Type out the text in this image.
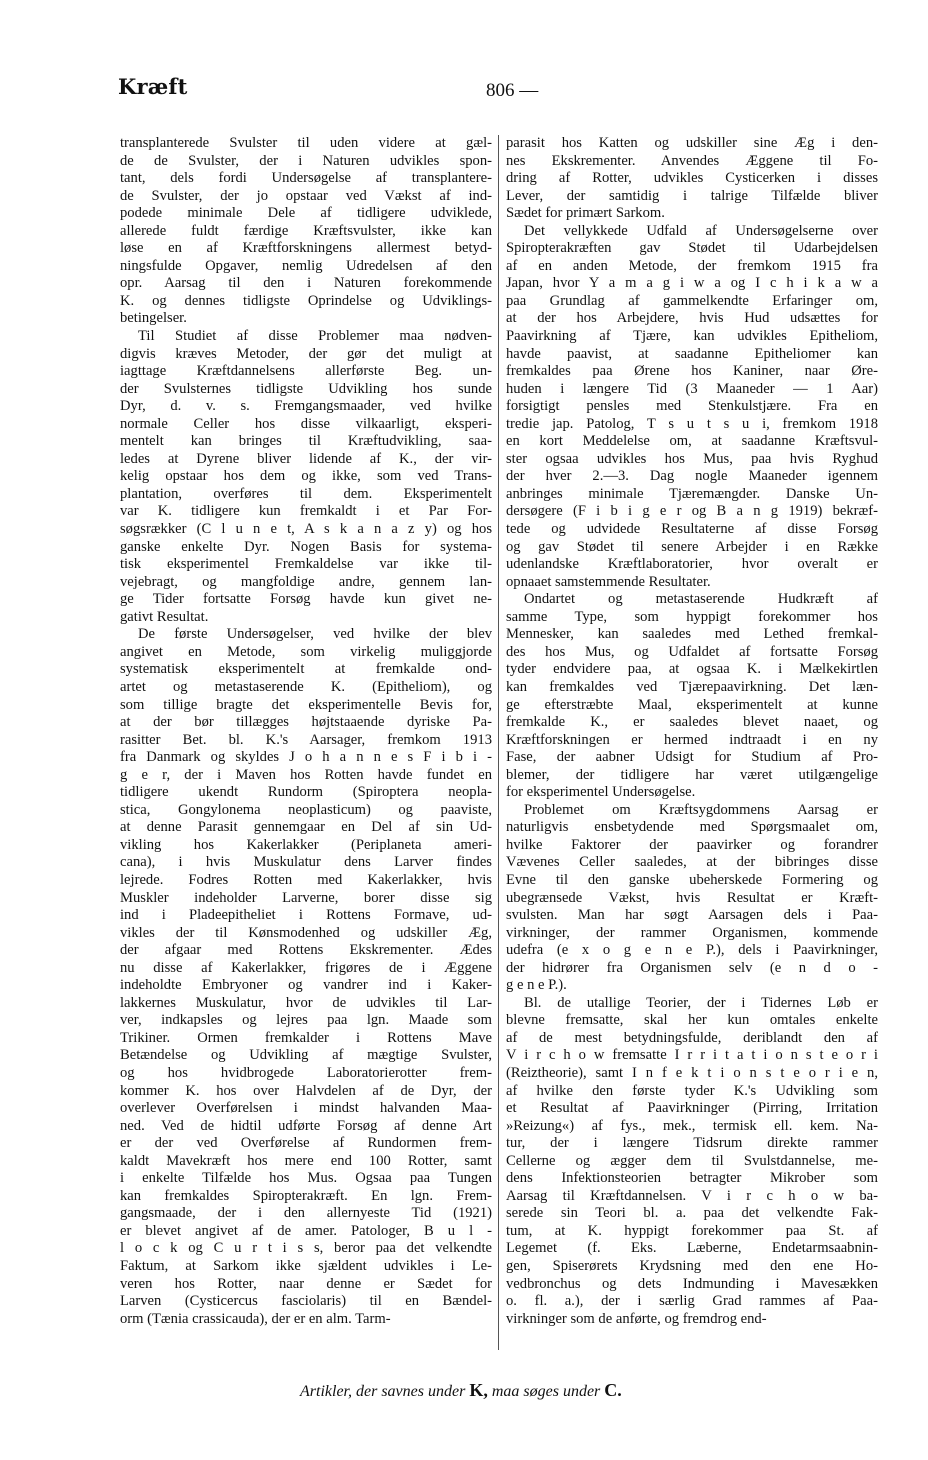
Kræft	806 —
transplanterede Svulster til uden videre at gæl-
de de Svulster, der i Naturen udvikles spon-
tant, dels fordi Undersøgelse af transplantere-
de Svulster, der jo opstaar ved Vækst af ind-
podede minimale Dele af tidligere udviklede,
allerede fuldt færdige Kræftsvulster, ikke kan
løse en af Kræftforskningens allermest betyd-
ningsfulde Opgaver, nemlig Udredelsen af den
opr. Aarsag til den i Naturen forekommende
K. og dennes tidligste Oprindelse og Udviklings-
betingelser.
Til Studiet af disse Problemer maa nødven-
digvis kræves Metoder, der gør det muligt at
iagttage Kræftdannelsens allerførste Beg. un-
der Svulsternes tidligste Udvikling hos sunde
Dyr, d. v. s. Fremgangsmaader, ved hvilke
normale Celler hos disse vilkaarligt, eksperi-
mentelt kan bringes til Kræftudvikling, saa-
ledes at Dyrene bliver lidende af K., der vir-
kelig opstaar hos dem og ikke, som ved Trans-
plantation, overføres til dem. Eksperimentelt
var K. tidligere kun fremkaldt i et Par For-
søgsrækker (C l u n e t, A s k a n a z y) og hos
ganske enkelte Dyr. Nogen Basis for systema-
tisk eksperimentel Fremkaldelse var ikke til-
vejebragt, og mangfoldige andre, gennem lan-
ge Tider fortsatte Forsøg havde kun givet ne-
gativt Resultat.
De første Undersøgelser, ved hvilke der blev
angivet en Metode, som virkelig muliggjorde
systematisk eksperimentelt at fremkalde ond-
artet og metastaserende K. (Epitheliom), og
som tillige bragte det eksperimentelle Bevis for,
at der bør tillægges højtstaaende dyriske Pa-
rasitter Bet. bl. K.'s Aarsager, fremkom 1913
fra Danmark og skyldes J o h a n n e s F i b i -
g e r, der i Maven hos Rotten havde fundet en
tidligere ukendt Rundorm (Spiroptera neopla-
stica, Gongylonema neoplasticum) og paaviste,
at denne Parasit gennemgaar en Del af sin Ud-
vikling hos Kakerlakker (Periplaneta ameri-
cana), i hvis Muskulatur dens Larver findes
lejrede. Fodres Rotten med Kakerlakker, hvis
Muskler indeholder Larverne, borer disse sig
ind i Pladeepitheliet i Rottens Formave, ud-
vikles der til Kønsmodenhed og udskiller Æg,
der afgaar med Rottens Ekskrementer. Ædes
nu disse af Kakerlakker, frigøres de i Æggene
indeholdte Embryoner og vandrer ind i Kaker-
lakkernes Muskulatur, hvor de udvikles til Lar-
ver, indkapsles og lejres paa lgn. Maade som
Trikiner. Ormen fremkalder i Rottens Mave
Betændelse og Udvikling af mægtige Svulster,
og hos hvidbrogede Laboratorierotter frem-
kommer K. hos over Halvdelen af de Dyr, der
overlever Overførelsen i mindst halvanden Maa-
ned. Ved de hidtil udførte Forsøg af denne Art
er der ved Overførelse af Rundormen frem-
kaldt Mavekræft hos mere end 100 Rotter, samt
i enkelte Tilfælde hos Mus. Ogsaa paa Tungen
kan fremkaldes Spiropterakræft. En lgn. Frem-
gangsmaade, der i den allernyeste Tid (1921)
er blevet angivet af de amer. Patologer, B u l -
l o c k og C u r t i s s, beror paa det velkendte
Faktum, at Sarkom ikke sjældent udvikles i Le-
veren hos Rotter, naar denne er Sædet for
Larven (Cysticercus fasciolaris) til en Bændel-
orm (Tænia crassicauda), der er en alm. Tarm-
parasit hos Katten og udskiller sine Æg i den-
nes Ekskrementer. Anvendes Æggene til Fo-
dring af Rotter, udvikles Cysticerken i disses
Lever, der samtidig i talrige Tilfælde bliver
Sædet for primært Sarkom.
Det vellykkede Udfald af Undersøgelserne over
Spiropterakræften gav Stødet til Udarbejdelsen
af en anden Metode, der fremkom 1915 fra
Japan, hvor Y a m a g i w a og I c h i k a w a
paa Grundlag af gammelkendte Erfaringer om,
at der hos Arbejdere, hvis Hud udsættes for
Paavirkning af Tjære, kan udvikles Epitheliom,
havde paavist, at saadanne Epitheliomer kan
fremkaldes paa Ørene hos Kaniner, naar Øre-
huden i længere Tid (3 Maaneder — 1 Aar)
forsigtigt pensles med Stenkulstjære. Fra en
tredie jap. Patolog, T s u t s u i, fremkom 1918
en kort Meddelelse om, at saadanne Kræftsvul-
ster ogsaa udvikles hos Mus, paa hvis Ryghud
der hver 2.—3. Dag nogle Maaneder igennem
anbringes minimale Tjæremængder. Danske Un-
dersøgere (F i b i g e r og B a n g 1919) bekræf-
tede og udvidede Resultaterne af disse Forsøg
og gav Stødet til senere Arbejder i en Række
udenlandske Kræftlaboratorier, hvor overalt er
opnaaet samstemmende Resultater.
Ondartet og metastaserende Hudkræft af
samme Type, som hyppigt forekommer hos
Mennesker, kan saaledes med Lethed fremkal-
des hos Mus, og Udfaldet af fortsatte Forsøg
tyder endvidere paa, at ogsaa K. i Mælkekirtlen
kan fremkaldes ved Tjærepaavirkning. Det læn-
ge efterstræbte Maal, eksperimentelt at kunne
fremkalde K., er saaledes blevet naaet, og
Kræftforskningen er hermed indtraadt i en ny
Fase, der aabner Udsigt for Studium af Pro-
blemer, der tidligere har været utilgængelige
for eksperimentel Undersøgelse.
Problemet om Kræftsygdommens Aarsag er
naturligvis ensbetydende med Spørgsmaalet om,
hvilke Faktorer der paavirker og forandrer
Vævenes Celler saaledes, at der bibringes disse
Evne til den ganske ubeherskede Formering og
ubegrænsede Vækst, hvis Resultat er Kræft-
svulsten. Man har søgt Aarsagen dels i Paa-
virkninger, der rammer Organismen, kommende
udefra (e x o g e n e P.), dels i Paavirkninger,
der hidrører fra Organismen selv (e n d o -
g e n e P.).
Bl. de utallige Teorier, der i Tidernes Løb er
blevne fremsatte, skal her kun omtales enkelte
af de mest betydningsfulde, deriblandt den af
V i r c h o w fremsatte I r r i t a t i o n s t e o r i
(Reiztheorie), samt I n f e k t i o n s t e o r i e n,
af hvilke den første tyder K.'s Udvikling som
et Resultat af Paavirkninger (Pirring, Irritation
»Reizung«) af fys., mek., termisk ell. kem. Na-
tur, der i længere Tidsrum direkte rammer
Cellerne og ægger dem til Svulstdannelse, me-
dens Infektionsteorien betragter Mikrober som
Aarsag til Kræftdannelsen. V i r c h o w ba-
serede sin Teori bl. a. paa det velkendte Fak-
tum, at K. hyppigt forekommer paa St. af
Legemet (f. Eks. Læberne, Endetarmsaabnin-
gen, Spiserørets Krydsning med den ene Ho-
vedbronchus og dets Indmunding i Mavesækken
o. fl. a.), der i særlig Grad rammes af Paa-
virkninger som de anførte, og fremdrog end-
Artikler, der savnes under K, maa søges under C.
